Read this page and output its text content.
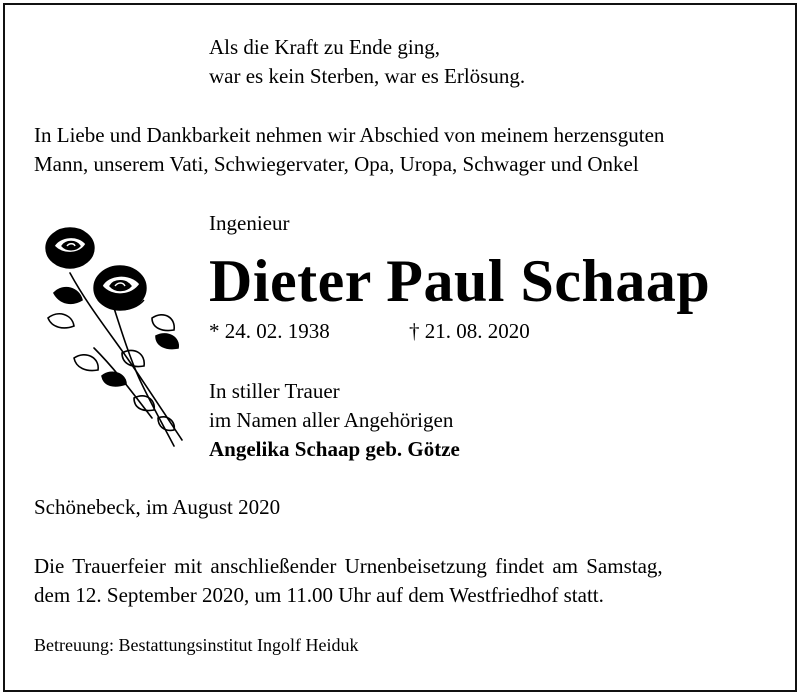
Als die Kraft zu Ende ging,
war es kein Sterben, war es Erlösung.
In Liebe und Dankbarkeit nehmen wir Abschied von meinem herzensguten
Mann, unserem Vati, Schwiegervater, Opa, Uropa, Schwager und Onkel
Ingenieur
Dieter Paul Schaap
* 24. 02. 1938	† 21. 08. 2020
In stiller Trauer
im Namen aller Angehörigen
Angelika Schaap geb. Götze
Schönebeck, im August 2020
Die Trauerfeier mit anschließender Urnenbeisetzung findet am Samstag,
dem 12. September 2020, um 11.00 Uhr auf dem Westfriedhof statt.
Betreuung: Bestattungsinstitut Ingolf Heiduk
